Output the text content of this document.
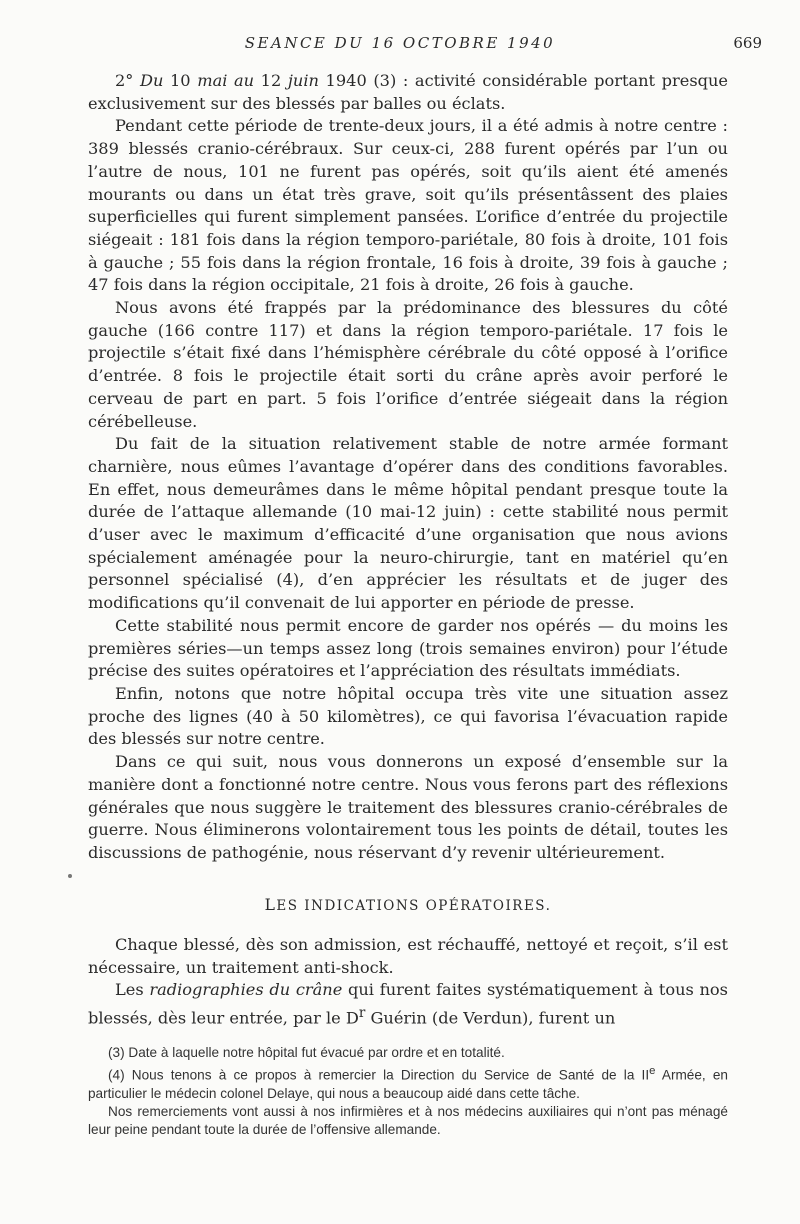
SEANCE DU 16 OCTOBRE 1940	669

2° Du 10 mai au 12 juin 1940 (3) : activité considérable portant presque exclusivement sur des blessés par balles ou éclats.

Pendant cette période de trente-deux jours, il a été admis à notre centre : 389 blessés cranio-cérébraux. Sur ceux-ci, 288 furent opérés par l’un ou l’autre de nous, 101 ne furent pas opérés, soit qu’ils aient été amenés mourants ou dans un état très grave, soit qu’ils présentâssent des plaies superficielles qui furent simplement pansées. L’orifice d’entrée du projectile siégeait : 181 fois dans la région temporo-pariétale, 80 fois à droite, 101 fois à gauche ; 55 fois dans la région frontale, 16 fois à droite, 39 fois à gauche ; 47 fois dans la région occipitale, 21 fois à droite, 26 fois à gauche.

Nous avons été frappés par la prédominance des blessures du côté gauche (166 contre 117) et dans la région temporo-pariétale. 17 fois le projectile s’était fixé dans l’hémisphère cérébrale du côté opposé à l’orifice d’entrée. 8 fois le projectile était sorti du crâne après avoir perforé le cerveau de part en part. 5 fois l’orifice d’entrée siégeait dans la région cérébelleuse.

Du fait de la situation relativement stable de notre armée formant charnière, nous eûmes l’avantage d’opérer dans des conditions favorables. En effet, nous demeurâmes dans le même hôpital pendant presque toute la durée de l’attaque allemande (10 mai-12 juin) : cette stabilité nous permit d’user avec le maximum d’efficacité d’une organisation que nous avions spécialement aménagée pour la neuro-chirurgie, tant en matériel qu’en personnel spécialisé (4), d’en apprécier les résultats et de juger des modifications qu’il convenait de lui apporter en période de presse.

Cette stabilité nous permit encore de garder nos opérés — du moins les premières séries—un temps assez long (trois semaines environ) pour l’étude précise des suites opératoires et l’appréciation des résultats immédiats.

Enfin, notons que notre hôpital occupa très vite une situation assez proche des lignes (40 à 50 kilomètres), ce qui favorisa l’évacuation rapide des blessés sur notre centre.

Dans ce qui suit, nous vous donnerons un exposé d’ensemble sur la manière dont a fonctionné notre centre. Nous vous ferons part des réflexions générales que nous suggère le traitement des blessures cranio-cérébrales de guerre. Nous éliminerons volontairement tous les points de détail, toutes les discussions de pathogénie, nous réservant d’y revenir ultérieurement.

LES INDICATIONS OPÉRATOIRES.

Chaque blessé, dès son admission, est réchauffé, nettoyé et reçoit, s’il est nécessaire, un traitement anti-shock.

Les radiographies du crâne qui furent faites systématiquement à tous nos blessés, dès leur entrée, par le $D^r$ Guérin (de Verdun), furent un

(3) Date à laquelle notre hôpital fut évacué par ordre et en totalité.

(4) Nous tenons à ce propos à remercier la Direction du Service de Santé de la IIe Armée, en particulier le médecin colonel Delaye, qui nous a beaucoup aidé dans cette tâche.

Nos remerciements vont aussi à nos infirmières et à nos médecins auxiliaires qui n’ont pas ménagé leur peine pendant toute la durée de l’offensive allemande.
